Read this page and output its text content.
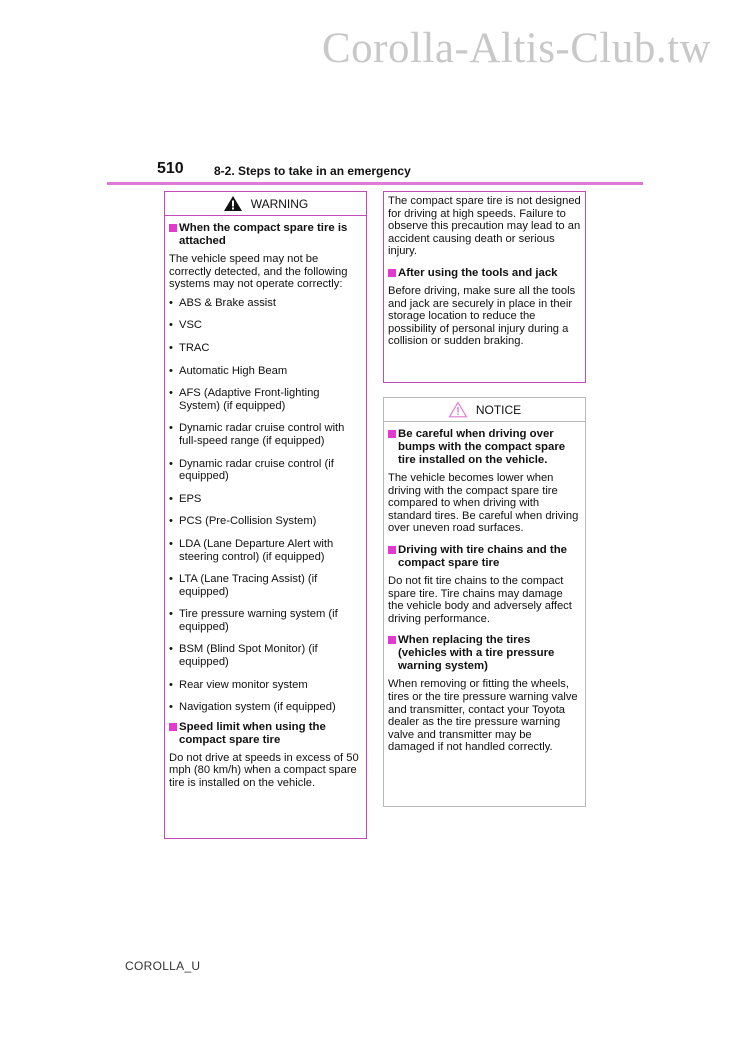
Corolla-Altis-Club.tw
510	8-2. Steps to take in an emergency
WARNING
When the compact spare tire is attached

The vehicle speed may not be correctly detected, and the following systems may not operate correctly:

• ABS & Brake assist
• VSC
• TRAC
• Automatic High Beam
• AFS (Adaptive Front-lighting System) (if equipped)
• Dynamic radar cruise control with full-speed range (if equipped)
• Dynamic radar cruise control (if equipped)
• EPS
• PCS (Pre-Collision System)
• LDA (Lane Departure Alert with steering control) (if equipped)
• LTA (Lane Tracing Assist) (if equipped)
• Tire pressure warning system (if equipped)
• BSM (Blind Spot Monitor) (if equipped)
• Rear view monitor system
• Navigation system (if equipped)
Speed limit when using the compact spare tire

Do not drive at speeds in excess of 50 mph (80 km/h) when a compact spare tire is installed on the vehicle.

The compact spare tire is not designed for driving at high speeds. Failure to observe this precaution may lead to an accident causing death or serious injury.

After using the tools and jack

Before driving, make sure all the tools and jack are securely in place in their storage location to reduce the possibility of personal injury during a collision or sudden braking.

NOTICE
Be careful when driving over bumps with the compact spare tire installed on the vehicle.

The vehicle becomes lower when driving with the compact spare tire compared to when driving with standard tires. Be careful when driving over uneven road surfaces.

Driving with tire chains and the compact spare tire

Do not fit tire chains to the compact spare tire. Tire chains may damage the vehicle body and adversely affect driving performance.

When replacing the tires (vehicles with a tire pressure warning system)

When removing or fitting the wheels, tires or the tire pressure warning valve and transmitter, contact your Toyota dealer as the tire pressure warning valve and transmitter may be damaged if not handled correctly.

COROLLA_U
